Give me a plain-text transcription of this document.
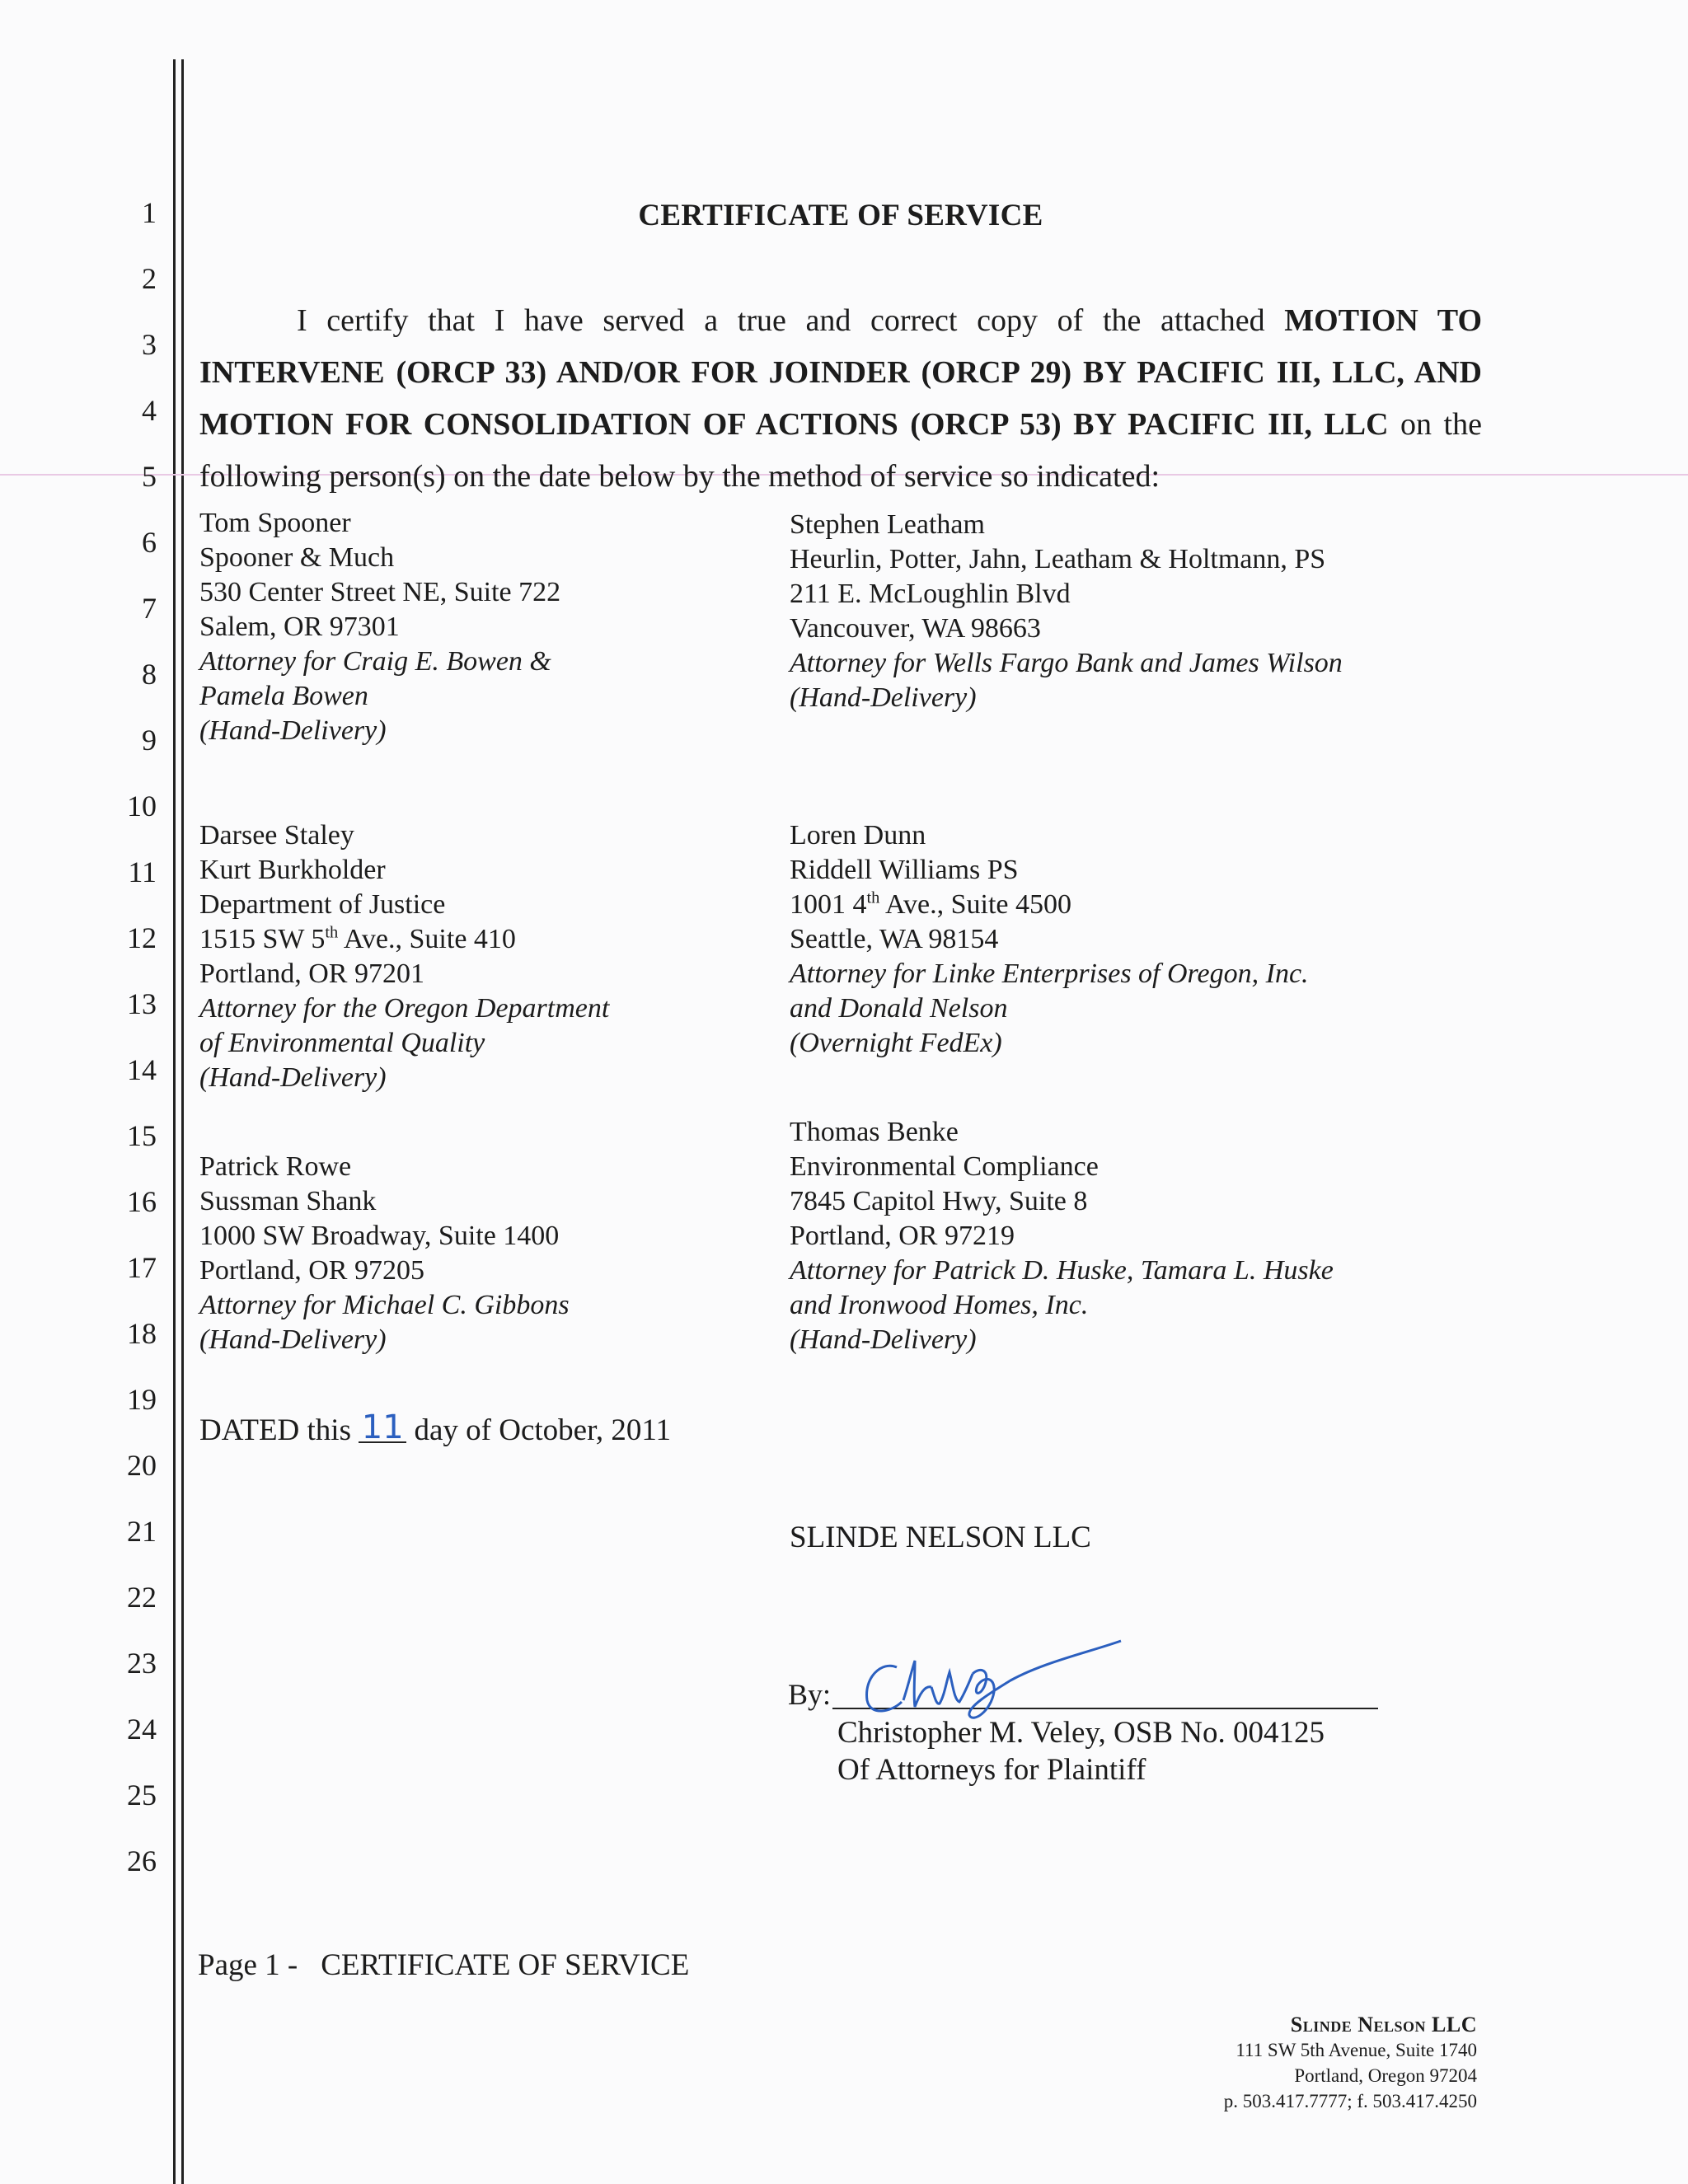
1
2
3
4
5
6
7
8
9
10
11
12
13
14
15
16
17
18
19
20
21
22
23
24
25
26
CERTIFICATE OF SERVICE

I certify that I have served a true and correct copy of the attached MOTION TO INTERVENE (ORCP 33) AND/OR FOR JOINDER (ORCP 29) BY PACIFIC III, LLC, AND MOTION FOR CONSOLIDATION OF ACTIONS (ORCP 53) BY PACIFIC III, LLC on the following person(s) on the date below by the method of service so indicated:

Tom Spooner
Spooner & Much
530 Center Street NE, Suite 722
Salem, OR 97301
Attorney for Craig E. Bowen &
Pamela Bowen
(Hand-Delivery)
Stephen Leatham
Heurlin, Potter, Jahn, Leatham & Holtmann, PS
211 E. McLoughlin Blvd
Vancouver, WA 98663
Attorney for Wells Fargo Bank and James Wilson
(Hand-Delivery)
Darsee Staley
Kurt Burkholder
Department of Justice
1515 SW 5th Ave., Suite 410
Portland, OR 97201
Attorney for the Oregon Department
of Environmental Quality
(Hand-Delivery)
Loren Dunn
Riddell Williams PS
1001 4th Ave., Suite 4500
Seattle, WA 98154
Attorney for Linke Enterprises of Oregon, Inc.
and Donald Nelson
(Overnight FedEx)
Thomas Benke
Environmental Compliance
7845 Capitol Hwy, Suite 8
Portland, OR 97219
Attorney for Patrick D. Huske, Tamara L. Huske
and Ironwood Homes, Inc.
(Hand-Delivery)
Patrick Rowe
Sussman Shank
1000 SW Broadway, Suite 1400
Portland, OR 97205
Attorney for Michael C. Gibbons
(Hand-Delivery)
DATED this 11 day of October, 2011
SLINDE NELSON LLC
By:
Christopher M. Veley, OSB No. 004125
Of Attorneys for Plaintiff
Page 1 - CERTIFICATE OF SERVICE
Slinde Nelson LLC
111 SW 5th Avenue, Suite 1740
Portland, Oregon 97204
p. 503.417.7777; f. 503.417.4250
